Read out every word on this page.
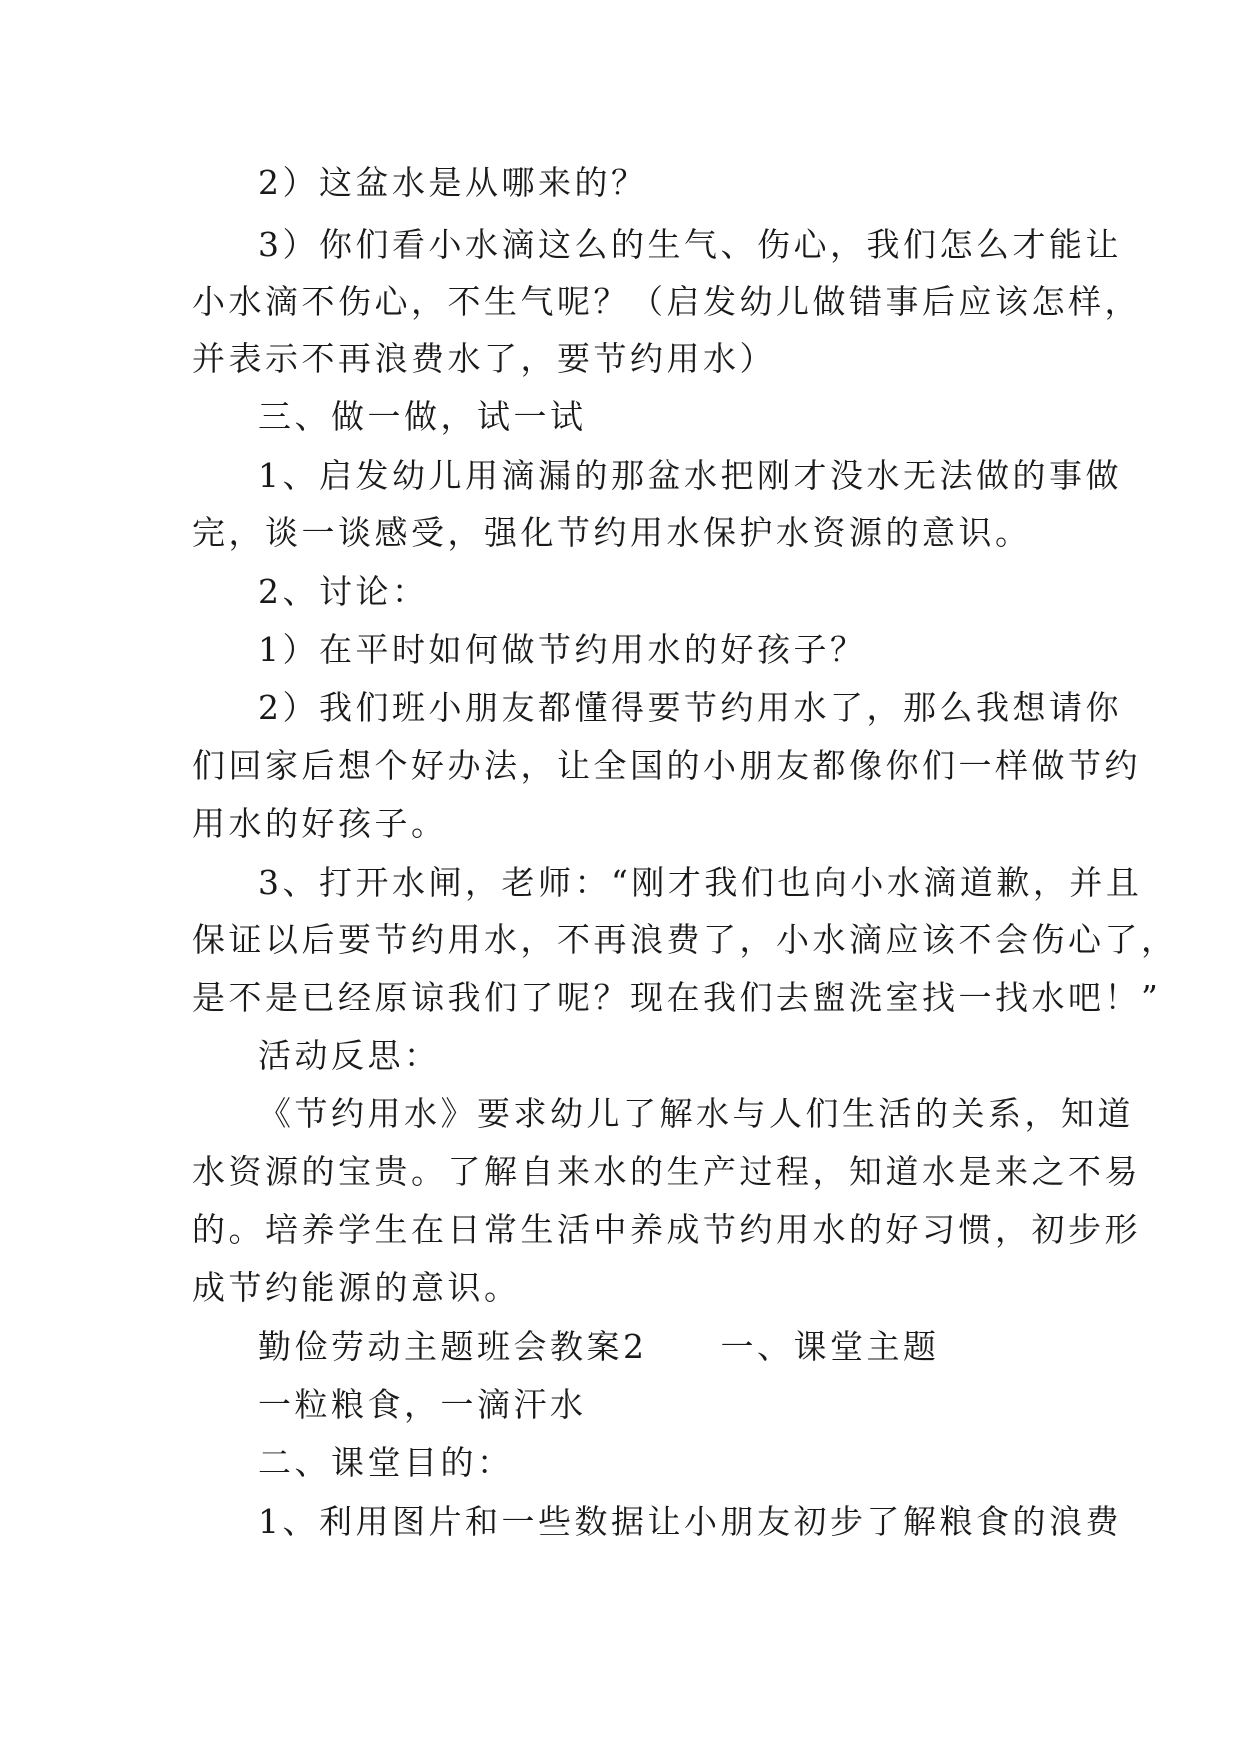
2）这盆水是从哪来的？
3）你们看小水滴这么的生气、伤心，我们怎么才能让
小水滴不伤心，不生气呢？（启发幼儿做错事后应该怎样，
并表示不再浪费水了，要节约用水）
三、做一做，试一试
1、启发幼儿用滴漏的那盆水把刚才没水无法做的事做
完，谈一谈感受，强化节约用水保护水资源的意识。
2、讨论：
1）在平时如何做节约用水的好孩子？
2）我们班小朋友都懂得要节约用水了，那么我想请你
们回家后想个好办法，让全国的小朋友都像你们一样做节约
用水的好孩子。
3、打开水闸，老师：“刚才我们也向小水滴道歉，并且
保证以后要节约用水，不再浪费了，小水滴应该不会伤心了，
是不是已经原谅我们了呢？现在我们去盥洗室找一找水吧！”
活动反思：
《节约用水》要求幼儿了解水与人们生活的关系，知道
水资源的宝贵。了解自来水的生产过程，知道水是来之不易
的。培养学生在日常生活中养成节约用水的好习惯，初步形
成节约能源的意识。
勤俭劳动主题班会教案2　　一、课堂主题
一粒粮食，一滴汗水
二、课堂目的：
1、利用图片和一些数据让小朋友初步了解粮食的浪费
